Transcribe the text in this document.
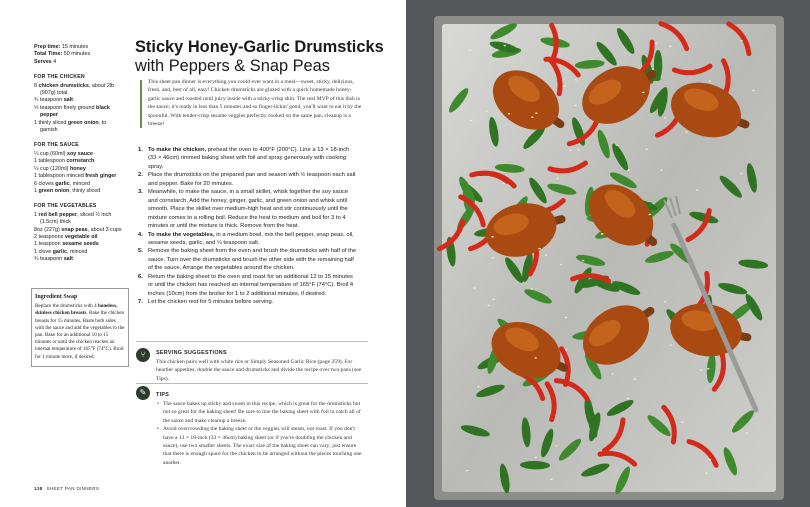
Prep time: 15 minutes
Total Time: 50 minutes
Serves 4
FOR THE CHICKEN
8 chicken drumsticks, about 2lb (907g) total
¾ teaspoon salt
½ teaspoon finely ground black pepper
1 thinly sliced green onion, to garnish
FOR THE SAUCE
¼ cup (60ml) soy sauce
1 tablespoon cornstarch
¼ cup (120ml) honey
1 tablespoon minced fresh ginger
6 cloves garlic, minced
1 green onion, thinly sliced
FOR THE VEGETABLES
1 red bell pepper, sliced ½ inch (1.5cm) thick
8oz (227g) snap peas, about 3 cups
2 teaspoons vegetable oil
1 teaspoon sesame seeds
1 clove garlic, minced
¾ teaspoon salt
Ingredient Swap
Replace the drumsticks with 4 boneless, skinless chicken breasts. Bake the chicken breasts for 15 minutes. Baste both sides with the sauce and add the vegetables to the pan. Bake for an additional 10 to 15 minutes or until the chicken reaches an internal temperature of 165°F (74°C). Broil for 1 minute more, if desired.
Sticky Honey-Garlic Drumsticks
with Peppers & Snap Peas
This sheet pan dinner is everything you could ever want in a meal—sweet, sticky, delicious, fresh, and, best of all, easy! Chicken drumsticks are glazed with a quick homemade honey-garlic sauce and roasted until juicy inside with a sticky-crisp skin. The real MVP of this dish is the sauce; it's ready in less than 5 minutes and so finger-lickin' good, you'll want to eat it by the spoonful. With tender-crisp sesame veggies perfectly cooked on the same pan, cleanup is a breeze!
1. To make the chicken, preheat the oven to 400°F (200°C). Line a 13 × 18-inch (33 × 46cm) rimmed baking sheet with foil and spray generously with cooking spray.
2. Place the drumsticks on the prepared pan and season with ½ teaspoon each salt and pepper. Bake for 20 minutes.
3. Meanwhile, to make the sauce, in a small skillet, whisk together the soy sauce and cornstarch. Add the honey, ginger, garlic, and green onion and whisk until smooth. Place the skillet over medium-high heat and stir continuously until the mixture comes to a rolling boil. Reduce the heat to medium and boil for 3 to 4 minutes or until the mixture is thick. Remove from the heat.
4. To make the vegetables, in a medium bowl, mix the bell pepper, snap peas, oil, sesame seeds, garlic, and ¼ teaspoon salt.
5. Remove the baking sheet from the oven and brush the drumsticks with half of the sauce. Turn over the drumsticks and brush the other side with the remaining half of the sauce. Arrange the vegetables around the chicken.
6. Return the baking sheet to the oven and roast for an additional 12 to 15 minutes or until the chicken has reached an internal temperature of 165°F (74°C). Broil 4 inches (10cm) from the broiler for 1 to 2 additional minutes, if desired.
7. Let the chicken rest for 5 minutes before serving.
⑂	SERVING SUGGESTIONS
This chicken pairs well with white rice or Simply Seasoned Garlic Rice (page 259). For heartier appetites, double the sauce and drumsticks and divide the recipe over two pans (see Tips).
✎	TIPS
• The sauce bakes up sticky and sweet in this recipe, which is great for the drumsticks but not so great for the baking sheet! Be sure to line the baking sheet with foil to catch all of the sauce and make cleanup a breeze.
• Avoid overcrowding the baking sheet or the veggies will steam, not roast. If you don't have a 13 × 18-inch (33 × 46cm) baking sheet (or if you're doubling the chicken and sauce), use two smaller sheets. The exact size of the baking sheet can vary; just ensure that there is enough space for the chicken to be arranged without the pieces touching one another.
138 SHEET PAN DINNERS
